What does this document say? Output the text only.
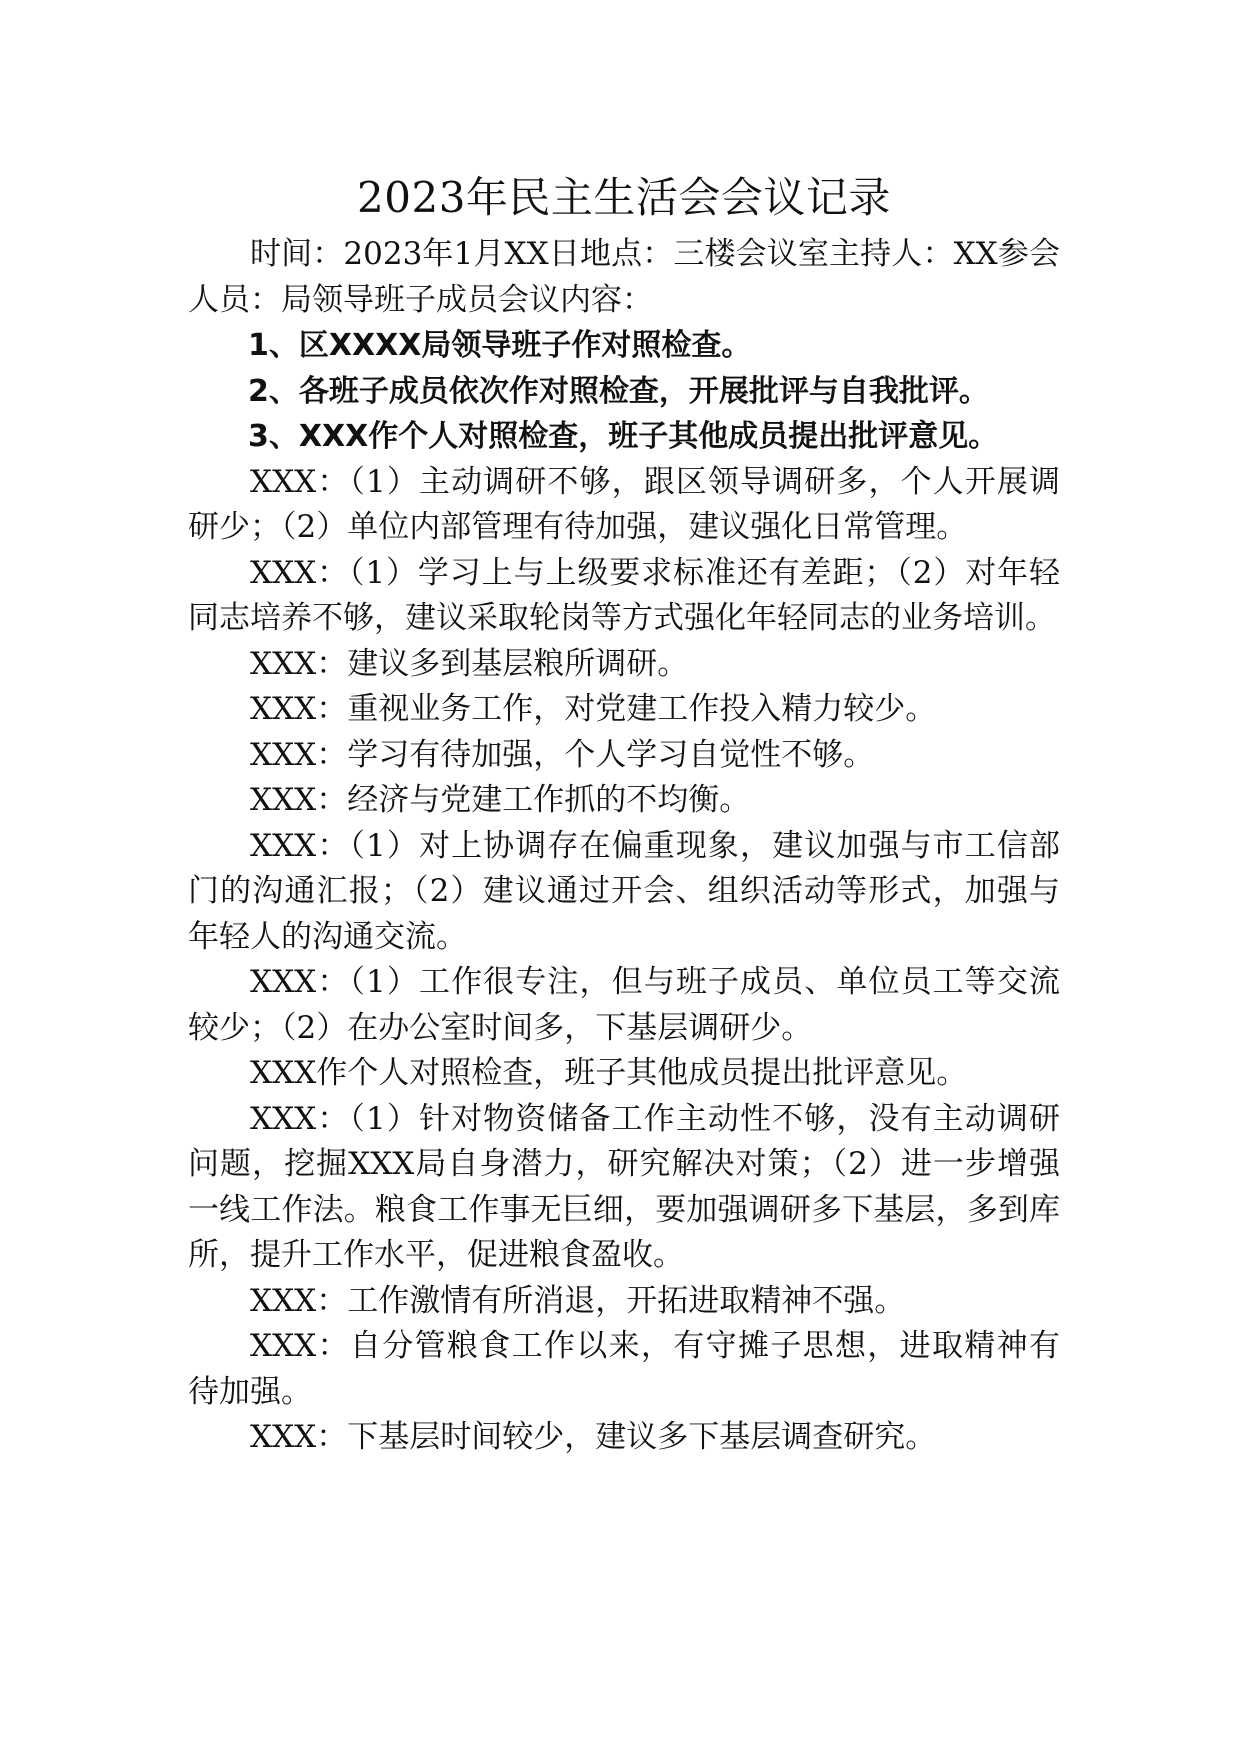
2023年民主生活会会议记录

时间：2023年1月XX日地点：三楼会议室主持人：XX参会人员：局领导班子成员会议内容：

1、区XXXX局领导班子作对照检查。

2、各班子成员依次作对照检查，开展批评与自我批评。

3、XXX作个人对照检查，班子其他成员提出批评意见。

XXX：（1）主动调研不够，跟区领导调研多，个人开展调研少；（2）单位内部管理有待加强，建议强化日常管理。

XXX：（1）学习上与上级要求标准还有差距；（2）对年轻同志培养不够，建议采取轮岗等方式强化年轻同志的业务培训。

XXX：建议多到基层粮所调研。

XXX：重视业务工作，对党建工作投入精力较少。

XXX：学习有待加强，个人学习自觉性不够。

XXX：经济与党建工作抓的不均衡。

XXX：（1）对上协调存在偏重现象，建议加强与市工信部门的沟通汇报；（2）建议通过开会、组织活动等形式，加强与年轻人的沟通交流。

XXX：（1）工作很专注，但与班子成员、单位员工等交流较少；（2）在办公室时间多，下基层调研少。

XXX作个人对照检查，班子其他成员提出批评意见。

XXX：（1）针对物资储备工作主动性不够，没有主动调研问题，挖掘XXX局自身潜力，研究解决对策；（2）进一步增强一线工作法。粮食工作事无巨细，要加强调研多下基层，多到库所，提升工作水平，促进粮食盈收。

XXX：工作激情有所消退，开拓进取精神不强。

XXX：自分管粮食工作以来，有守摊子思想，进取精神有待加强。

XXX：下基层时间较少，建议多下基层调查研究。
